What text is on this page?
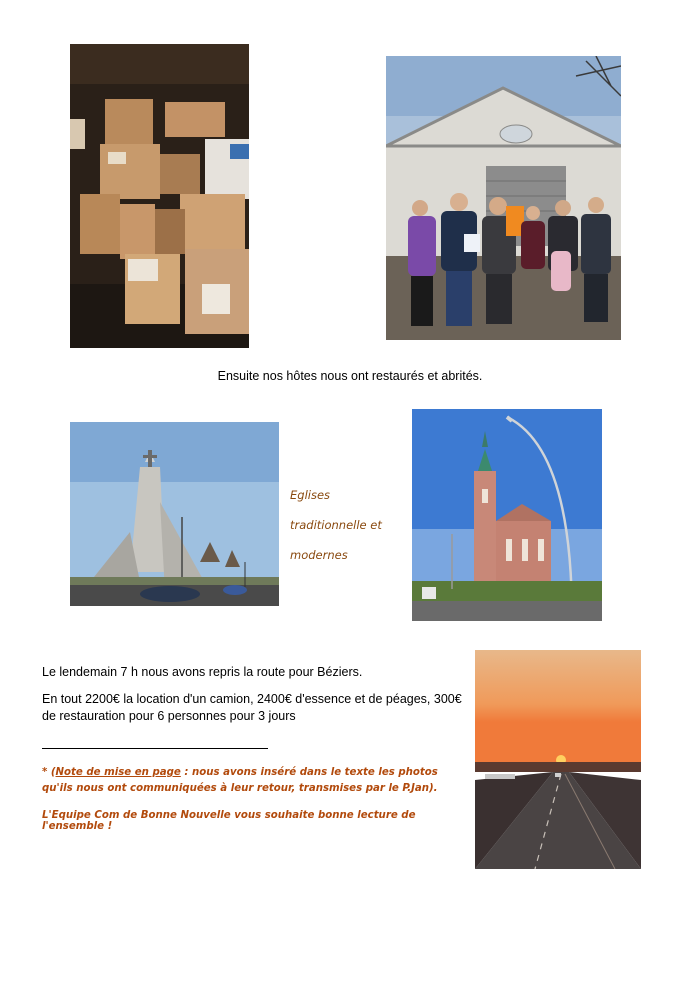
Ensuite nos hôtes nous ont restaurés et abrités.
Eglises
traditionnelle et
modernes
Le lendemain 7 h nous avons repris la route pour Béziers.
En tout 2200€ la location d'un camion, 2400€ d'essence et de péages, 300€ de restauration pour 6 personnes pour 3 jours
* (Note de mise en page : nous avons inséré dans le texte les photos qu'ils nous ont communiquées à leur retour, transmises par le P.Jan).
L'Equipe Com de Bonne Nouvelle vous souhaite bonne lecture de l'ensemble !
